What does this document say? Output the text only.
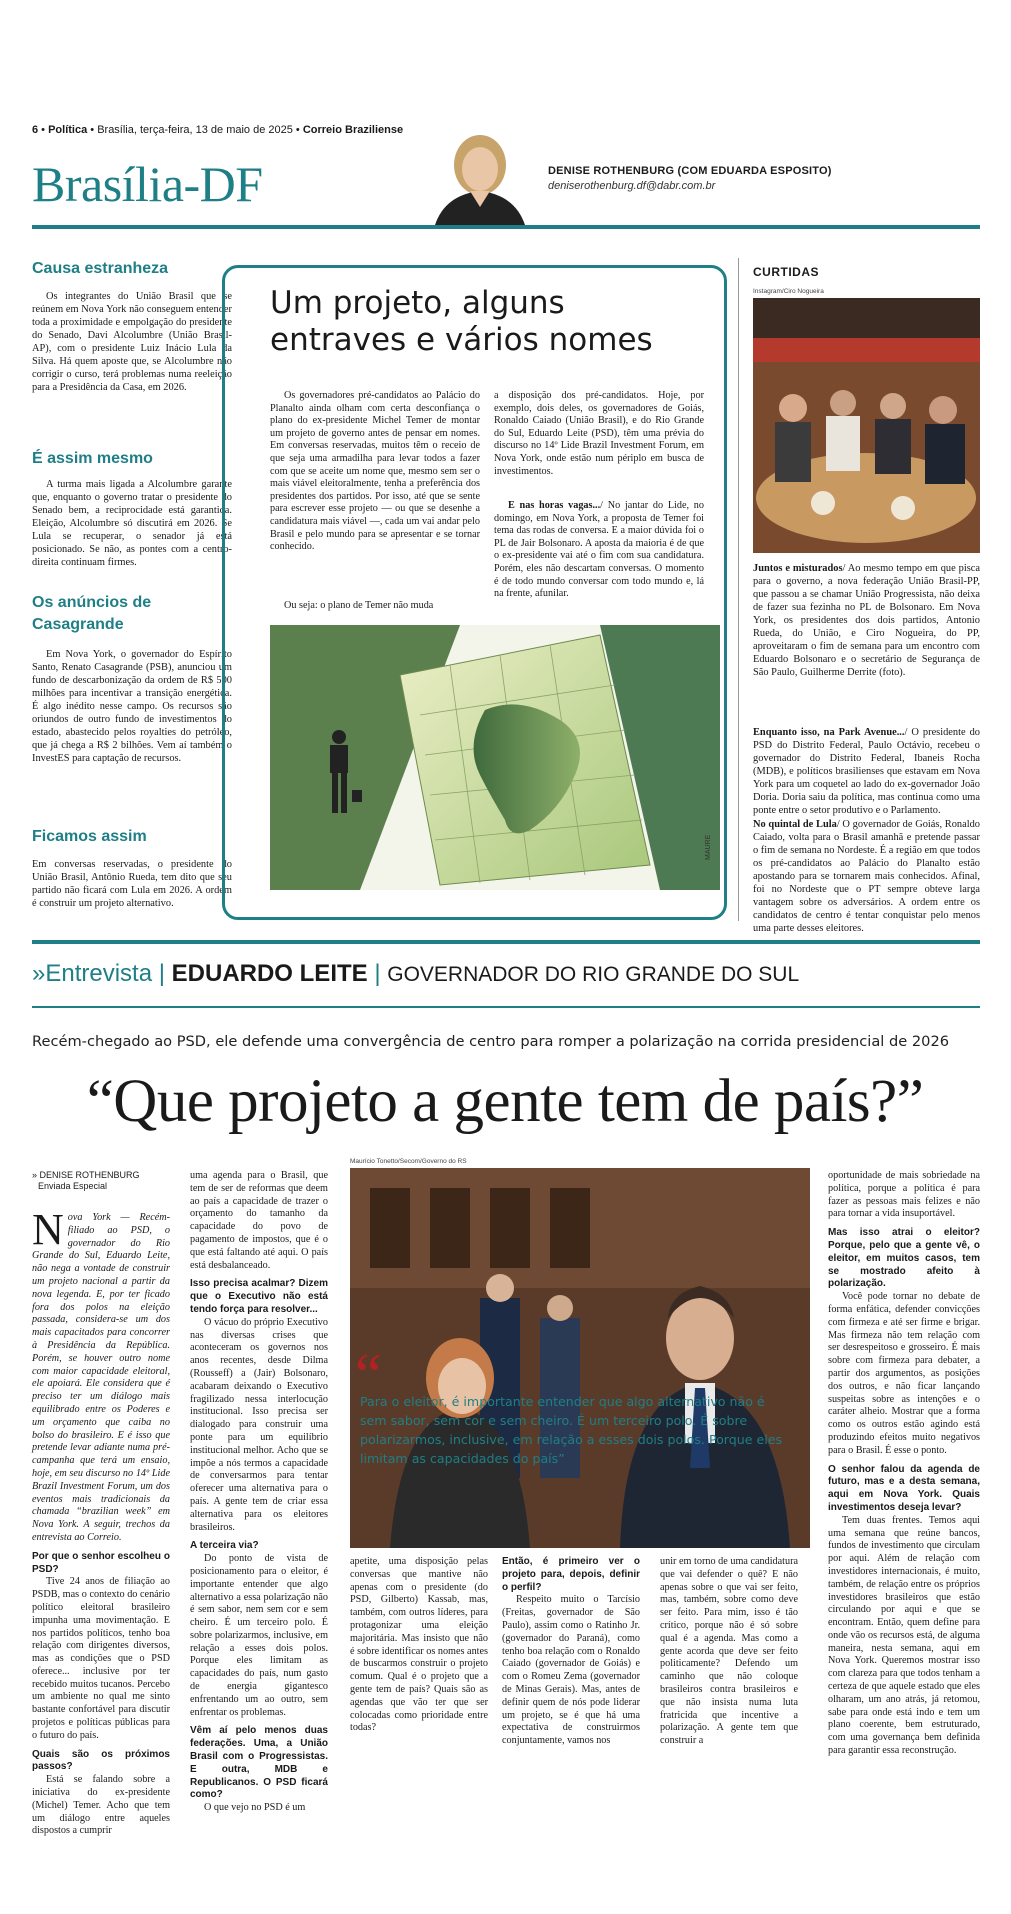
6 • Política • Brasília, terça-feira, 13 de maio de 2025 • Correio Braziliense
Brasília-DF	DENISE ROTHENBURG (COM EDUARDA ESPOSITO)
deniserothenburg.df@dabr.com.br
Causa estranheza
Os integrantes do União Brasil que se reúnem em Nova York não conseguem entender toda a proximidade e empolgação do presidente do Senado, Davi Alcolumbre (União Brasil-AP), com o presidente Luiz Inácio Lula da Silva. Há quem aposte que, se Alcolumbre não corrigir o curso, terá problemas numa reeleição para a Presidência da Casa, em 2026.
É assim mesmo
A turma mais ligada a Alcolumbre garante que, enquanto o governo tratar o presidente do Senado bem, a reciprocidade está garantida. Eleição, Alcolumbre só discutirá em 2026. Se Lula se recuperar, o senador já está posicionado. Se não, as pontes com a centro-direita continuam firmes.
Os anúncios de Casagrande
Em Nova York, o governador do Espírito Santo, Renato Casagrande (PSB), anunciou um fundo de descarbonização da ordem de R$ 500 milhões para incentivar a transição energética. É algo inédito nesse campo. Os recursos são oriundos de outro fundo de investimentos do estado, abastecido pelos royalties do petróleo, que já chega a R$ 2 bilhões. Vem aí também o InvestES para captação de recursos.
Ficamos assim
Em conversas reservadas, o presidente do União Brasil, Antônio Rueda, tem dito que seu partido não ficará com Lula em 2026. A ordem é construir um projeto alternativo.
Um projeto, alguns entraves e vários nomes
Os governadores pré-candidatos ao Palácio do Planalto ainda olham com certa desconfiança o plano do ex-presidente Michel Temer de montar um projeto de governo antes de pensar em nomes. Em conversas reservadas, muitos têm o receio de que seja uma armadilha para levar todos a fazer com que se aceite um nome que, mesmo sem ser o mais viável eleitoralmente, tenha a preferência dos presidentes dos partidos. Por isso, até que se sente para escrever esse projeto — ou que se desenhe a candidatura mais viável —, cada um vai andar pelo Brasil e pelo mundo para se apresentar e se tornar conhecido.
Ou seja: o plano de Temer não muda
a disposição dos pré-candidatos. Hoje, por exemplo, dois deles, os governadores de Goiás, Ronaldo Caiado (União Brasil), e do Rio Grande do Sul, Eduardo Leite (PSD), têm uma prévia do discurso no 14º Lide Brazil Investment Forum, em Nova York, onde estão num périplo em busca de investimentos.
E nas horas vagas.../ No jantar do Lide, no domingo, em Nova York, a proposta de Temer foi tema das rodas de conversa. E a maior dúvida foi o PL de Jair Bolsonaro. A aposta da maioria é de que o ex-presidente vai até o fim com sua candidatura. Porém, eles não descartam conversas. O momento é de todo mundo conversar com todo mundo e, lá na frente, afunilar.
MAURE
CURTIDAS
Instagram/Ciro Nogueira
Juntos e misturados/ Ao mesmo tempo em que pisca para o governo, a nova federação União Brasil-PP, que passou a se chamar União Progressista, não deixa de fazer sua fezinha no PL de Bolsonaro. Em Nova York, os presidentes dos dois partidos, Antonio Rueda, do União, e Ciro Nogueira, do PP, aproveitaram o fim de semana para um encontro com Eduardo Bolsonaro e o secretário de Segurança de São Paulo, Guilherme Derrite (foto).
Enquanto isso, na Park Avenue.../ O presidente do PSD do Distrito Federal, Paulo Octávio, recebeu o governador do Distrito Federal, Ibaneis Rocha (MDB), e políticos brasilienses que estavam em Nova York para um coquetel ao lado do ex-governador João Doria. Doria saiu da política, mas continua como uma ponte entre o setor produtivo e o Parlamento.
No quintal de Lula/ O governador de Goiás, Ronaldo Caiado, volta para o Brasil amanhã e pretende passar o fim de semana no Nordeste. É a região em que todos os pré-candidatos ao Palácio do Planalto estão apostando para se tornarem mais conhecidos. Afinal, foi no Nordeste que o PT sempre obteve larga vantagem sobre os adversários. A ordem entre os candidatos de centro é tentar conquistar pelo menos uma parte desses eleitores.
»Entrevista | EDUARDO LEITE | GOVERNADOR DO RIO GRANDE DO SUL
Recém-chegado ao PSD, ele defende uma convergência de centro para romper a polarização na corrida presidencial de 2026
“Que projeto a gente tem de país?”
» DENISE ROTHENBURG
Enviada Especial
Nova York — Recém-filiado ao PSD, o governador do Rio Grande do Sul, Eduardo Leite, não nega a vontade de construir um projeto nacional a partir da nova legenda. E, por ter ficado fora dos polos na eleição passada, considera-se um dos mais capacitados para concorrer à Presidência da República. Porém, se houver outro nome com maior capacidade eleitoral, ele apoiará. Ele considera que é preciso ter um diálogo mais equilibrado entre os Poderes e um orçamento que caiba no bolso do brasileiro. E é isso que pretende levar adiante numa pré-campanha que terá um ensaio, hoje, em seu discurso no 14º Lide Brazil Investment Forum, um dos eventos mais tradicionais da chamada “brazilian week” em Nova York. A seguir, trechos da entrevista ao Correio.

Por que o senhor escolheu o PSD?

Tive 24 anos de filiação ao PSDB, mas o contexto do cenário político eleitoral brasileiro impunha uma movimentação. E nos partidos políticos, tenho boa relação com dirigentes diversos, mas as condições que o PSD oferece... inclusive por ter recebido muitos tucanos. Percebo um ambiente no qual me sinto bastante confortável para discutir projetos e políticas públicas para o futuro do país.

Quais são os próximos passos?

Está se falando sobre a iniciativa do ex-presidente (Michel) Temer. Acho que tem um diálogo entre aqueles dispostos a cumprir

uma agenda para o Brasil, que tem de ser de reformas que deem ao país a capacidade de trazer o orçamento do tamanho da capacidade do povo de pagamento de impostos, que é o que está faltando até aqui. O país está desbalanceado.

Isso precisa acalmar? Dizem que o Executivo não está tendo força para resolver...

O vácuo do próprio Executivo nas diversas crises que aconteceram os governos nos anos recentes, desde Dilma (Rousseff) a (Jair) Bolsonaro, acabaram deixando o Executivo fragilizado nessa interlocução institucional. Isso precisa ser dialogado para construir uma ponte para um equilíbrio institucional melhor. Acho que se impõe a nós termos a capacidade de conversarmos para tentar oferecer uma alternativa para o país. A gente tem de criar essa alternativa para os eleitores brasileiros.

A terceira via?

Do ponto de vista de posicionamento para o eleitor, é importante entender que algo alternativo a essa polarização não é sem sabor, nem sem cor e sem cheiro. É um terceiro polo. É sobre polarizarmos, inclusive, em relação a esses dois polos. Porque eles limitam as capacidades do país, num gasto de energia gigantesco enfrentando um ao outro, sem enfrentar os problemas.

Vêm aí pelo menos duas federações. Uma, a União Brasil com o Progressistas. E outra, MDB e Republicanos. O PSD ficará como?

O que vejo no PSD é um

Maurício Tonetto/Secom/Governo do RS
“
Para o eleitor, é importante entender que algo alternativo não é sem sabor, sem cor e sem cheiro. É um terceiro polo. É sobre polarizarmos, inclusive, em relação a esses dois polos. Porque eles limitam as capacidades do país”

apetite, uma disposição pelas conversas que mantive não apenas com o presidente (do PSD, Gilberto) Kassab, mas, também, com outros líderes, para protagonizar uma eleição majoritária. Mas insisto que não é sobre identificar os nomes antes de buscarmos construir o projeto comum. Qual é o projeto que a gente tem de país? Quais são as agendas que vão ter que ser colocadas como prioridade entre todas?

Então, é primeiro ver o projeto para, depois, definir o perfil?

Respeito muito o Tarcísio (Freitas, governador de São Paulo), assim como o Ratinho Jr. (governador do Paraná), como tenho boa relação com o Ronaldo Caiado (governador de Goiás) e com o Romeu Zema (governador de Minas Gerais). Mas, antes de definir quem de nós pode liderar um projeto, se é que há uma expectativa de construirmos conjuntamente, vamos nos

unir em torno de uma candidatura que vai defender o quê? E não apenas sobre o que vai ser feito, mas, também, sobre como deve ser feito. Para mim, isso é tão crítico, porque não é só sobre qual é a agenda. Mas como a gente acorda que deve ser feito politicamente? Defendo um caminho que não coloque brasileiros contra brasileiros e que não insista numa luta fratricida que incentive a polarização. A gente tem que construir a

oportunidade de mais sobriedade na política, porque a política é para fazer as pessoas mais felizes e não para tornar a vida insuportável.

Mas isso atrai o eleitor? Porque, pelo que a gente vê, o eleitor, em muitos casos, tem se mostrado afeito à polarização.

Você pode tornar no debate de forma enfática, defender convicções com firmeza e até ser firme e brigar. Mas firmeza não tem relação com ser desrespeitoso e grosseiro. É mais sobre com firmeza para debater, a partir dos argumentos, as posições dos outros, e não ficar lançando suspeitas sobre as intenções e o caráter alheio. Mostrar que a forma como os outros estão agindo está produzindo efeitos muito negativos para o Brasil. É esse o ponto.

O senhor falou da agenda de futuro, mas e a desta semana, aqui em Nova York. Quais investimentos deseja levar?

Tem duas frentes. Temos aqui uma semana que reúne bancos, fundos de investimento que circulam por aqui. Além de relação com investidores internacionais, é muito, também, de relação entre os próprios investidores brasileiros que estão circulando por aqui e que se encontram. Então, quem define para onde vão os recursos está, de alguma maneira, nesta semana, aqui em Nova York. Queremos mostrar isso com clareza para que todos tenham a certeza de que aquele estado que eles olharam, um ano atrás, já retomou, sabe para onde está indo e tem um plano coerente, bem estruturado, com uma governança bem definida para garantir essa reconstrução.
